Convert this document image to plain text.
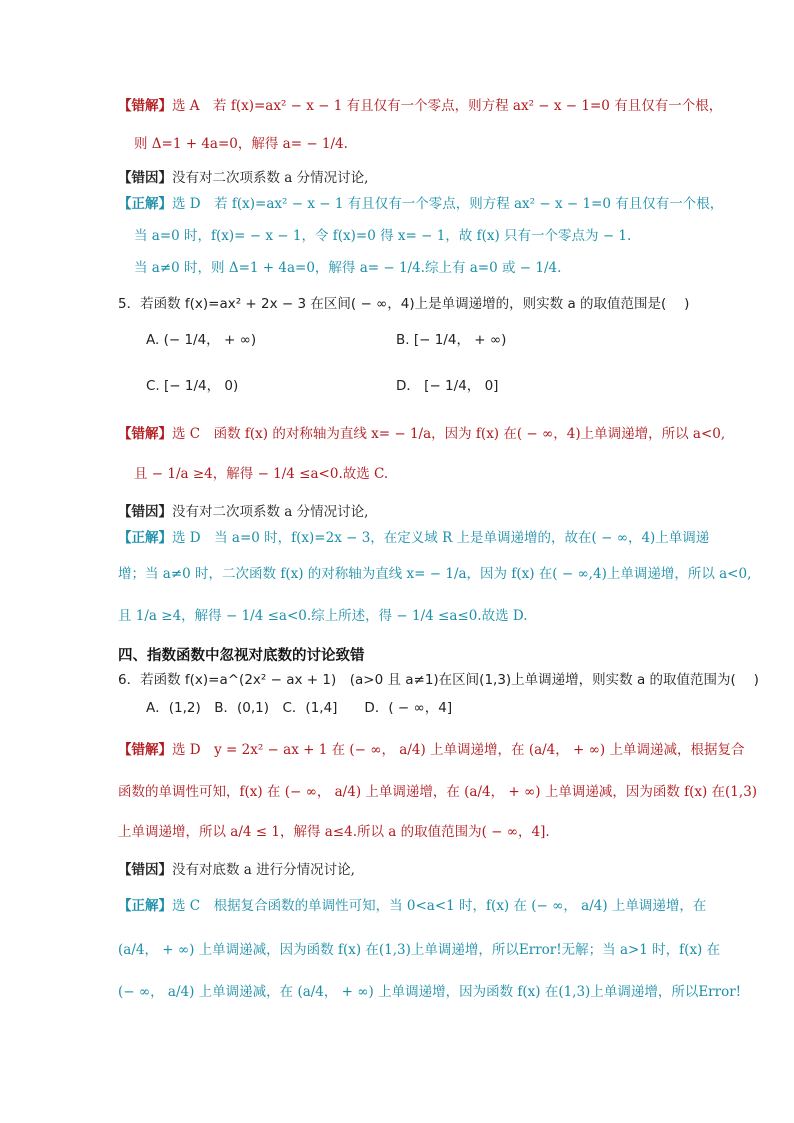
【错解】选 A　若 f(x)=ax² − x − 1 有且仅有一个零点，则方程 ax² − x − 1=0 有且仅有一个根，
则 Δ=1 + 4a=0，解得 a= − 1/4.
【错因】没有对二次项系数 a 分情况讨论,
【正解】选 D　若 f(x)=ax² − x − 1 有且仅有一个零点，则方程 ax² − x − 1=0 有且仅有一个根，
当 a=0 时，f(x)= − x − 1，令 f(x)=0 得 x= − 1，故 f(x) 只有一个零点为 − 1.
当 a≠0 时，则 Δ=1 + 4a=0，解得 a= − 1/4.综上有 a=0 或 − 1/4.
5．若函数 f(x)=ax² + 2x − 3 在区间( − ∞，4)上是单调递增的，则实数 a 的取值范围是(　 )
A. (− 1/4， + ∞)	B. [− 1/4， + ∞)
C. [− 1/4， 0)	D． [− 1/4， 0]
【错解】选 C　函数 f(x) 的对称轴为直线 x= − 1/a，因为 f(x) 在( − ∞，4)上单调递增，所以 a<0,
且 − 1/a ≥4，解得 − 1/4 ≤a<0.故选 C.
【错因】没有对二次项系数 a 分情况讨论,
【正解】选 D　当 a=0 时，f(x)=2x − 3，在定义域 R 上是单调递增的，故在( − ∞，4)上单调递
增；当 a≠0 时，二次函数 f(x) 的对称轴为直线 x= − 1/a，因为 f(x) 在( − ∞,4)上单调递增，所以 a<0,
且 1/a ≥4，解得 − 1/4 ≤a<0.综上所述，得 − 1/4 ≤a≤0.故选 D.
四、指数函数中忽视对底数的讨论致错
6．若函数 f(x)=a^(2x² − ax + 1)　(a>0 且 a≠1)在区间(1,3)上单调递增，则实数 a 的取值范围为(　 )
A．(1,2)　B．(0,1)　C．(1,4]　　D．( − ∞，4]
【错解】选 D　y = 2x² − ax + 1 在 (− ∞， a/4) 上单调递增，在 (a/4， + ∞) 上单调递减，根据复合
函数的单调性可知，f(x) 在 (− ∞， a/4) 上单调递增，在 (a/4， + ∞) 上单调递减，因为函数 f(x) 在(1,3)
上单调递增，所以 a/4 ≤ 1，解得 a≤4.所以 a 的取值范围为( − ∞，4].
【错因】没有对底数 a 进行分情况讨论,
【正解】选 C　根据复合函数的单调性可知，当 0<a<1 时，f(x) 在 (− ∞， a/4) 上单调递增，在
(a/4， + ∞) 上单调递减，因为函数 f(x) 在(1,3)上单调递增，所以Error!无解；当 a>1 时，f(x) 在
(− ∞， a/4) 上单调递减，在 (a/4， + ∞) 上单调递增，因为函数 f(x) 在(1,3)上单调递增，所以Error!
